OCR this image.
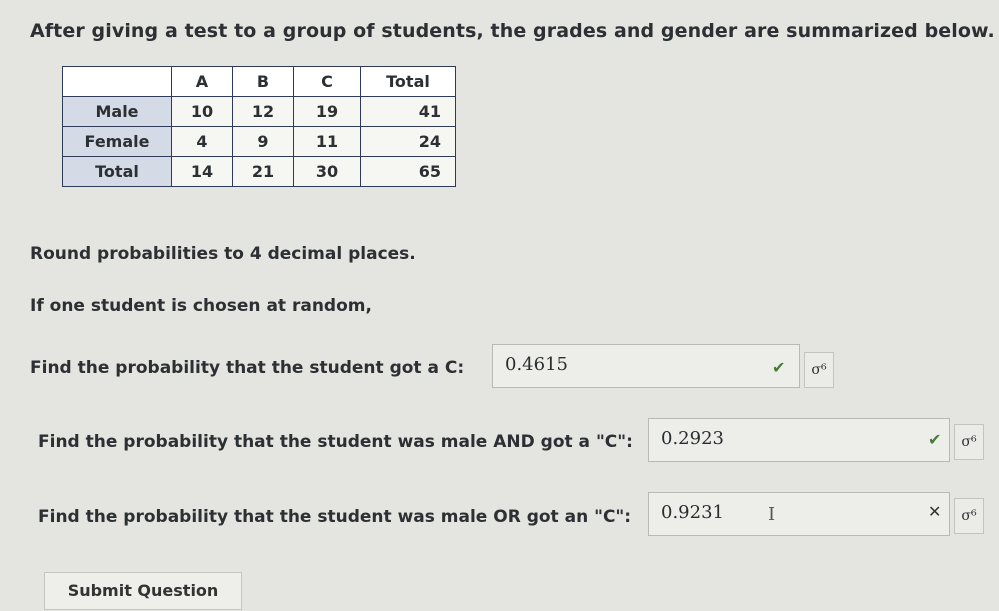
After giving a test to a group of students, the grades and gender are summarized below.
	A	B	C	Total
Male	10	12	19	41
Female	4	9	11	24
Total	14	21	30	65
Round probabilities to 4 decimal places.
If one student is chosen at random,
Find the probability that the student got a C:	0.4615	✔	σ⁶
Find the probability that the student was male AND got a "C":	0.2923	✔	σ⁶
Find the probability that the student was male OR got an "C":	0.9231	I	✕	σ⁶
Submit Question
